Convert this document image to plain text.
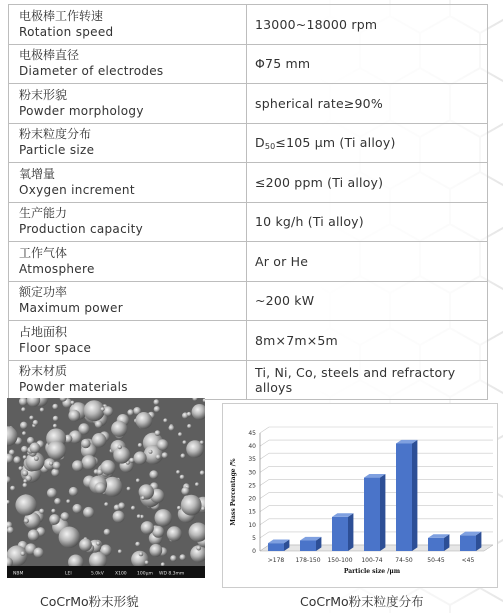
电极棒工作转速
Rotation speed	13000~18000 rpm

电极棒直径
Diameter of electrodes	Φ75 mm

粉末形貌
Powder morphology	spherical rate≥90%

粉末粒度分布
Particle size	$D_{50}\le 105$ μm (Ti alloy)

氧增量
Oxygen increment	≤200 ppm (Ti alloy)

生产能力
Production capacity	10 kg/h (Ti alloy)

工作气体
Atmosphere	Ar or He

额定功率
Maximum power	~200 kW

占地面积
Floor space	8m×7m×5m

粉末材质
Powder materials	Ti, Ni, Co, steels and refractory alloys
NBM	LEI	5.0kV X100 100μm WD 8.3mm
0
5
10
15
20
25
30
35
40
45
>178 178-150 150-100 100-74 74-50 50-45	<45
Particle size /μm
Mass Percentage /%
CoCrMo粉末形貌	CoCrMo粉末粒度分布
